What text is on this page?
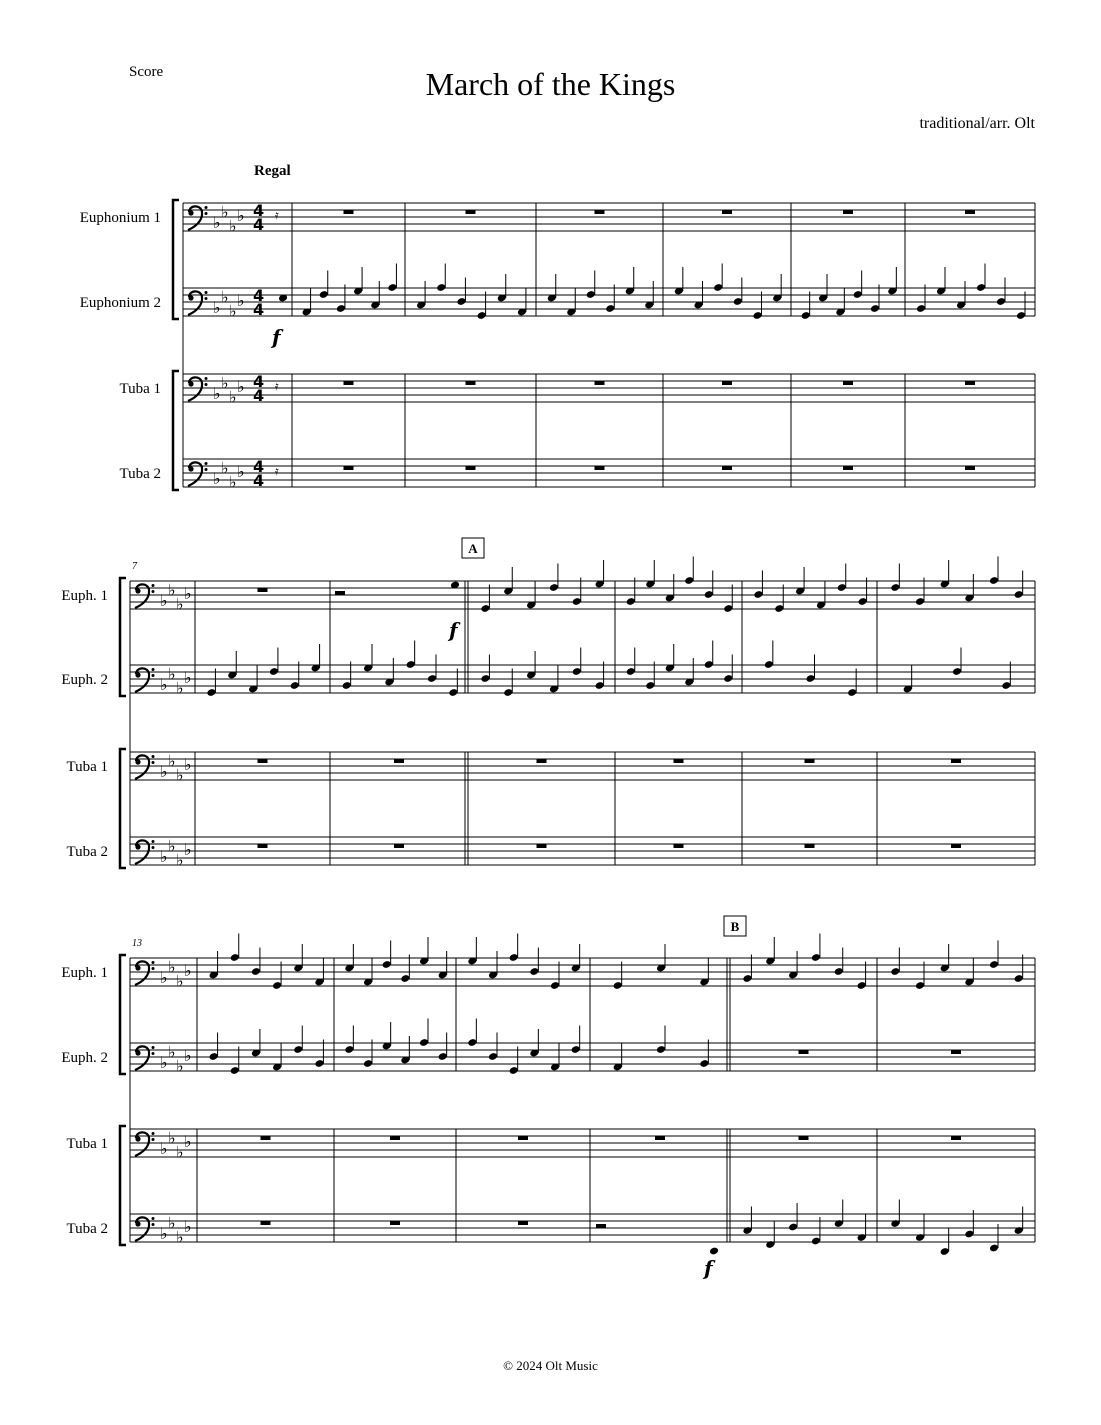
Score	March of the Kings
traditional/arr. Olt
♭
♭
♭
♭ 4
4
Euphonium 1
♭
♭
♭
♭ 4
4
Euphonium 2
♭
♭
♭
♭ 4
4
Tuba 1
♭
♭
♭
♭ 4
4
Tuba 2
♭
♭
♭
♭
Euph. 1
♭
♭
♭
♭
Euph. 2
♭
♭
♭
♭
Tuba 1
♭
♭
♭
♭
Tuba 2
7
♭
♭
♭
♭
Euph. 1
♭
♭
♭
♭
Euph. 2
♭
♭
♭
♭
Tuba 1
♭
♭
♭
♭
Tuba 2
13
𝄿
𝄿
𝄿
Regal
f
f
f
A
B
© 2024 Olt Music
